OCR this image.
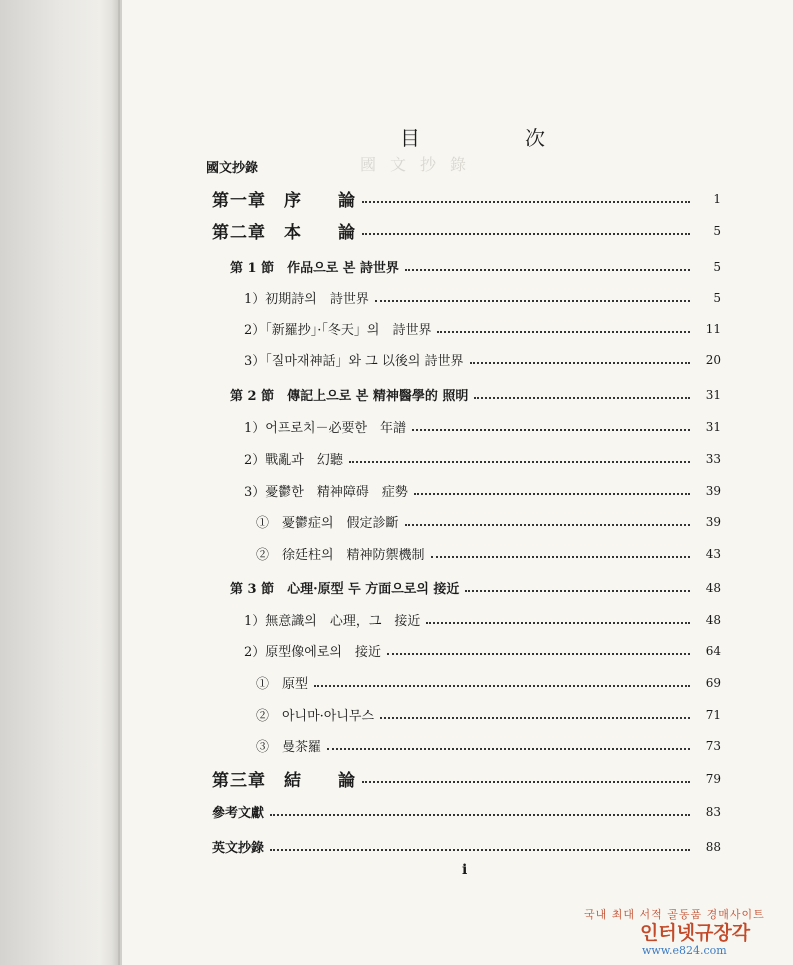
國文抄錄
目	次
國文抄錄
第一章　序　　論	1
第二章　本　　論	5
第 1 節　作品으로 본 詩世界	5
1）初期詩의　詩世界	5
2）「新羅抄」·「冬天」의　詩世界	11
3）「질마재神話」와 그 以後의 詩世界	20
第 2 節　傳記上으로 본 精神醫學的 照明	31
1）어프로치－必要한　年譜	31
2）戰亂과　幻聽	33
3）憂鬱한　精神障碍　症勢	39
①　憂鬱症의　假定診斷	39
②　徐廷柱의　精神防禦機制	43
第 3 節　心理·原型 두 方面으로의 接近	48
1）無意識의　心理，그　接近	48
2）原型像에로의　接近	64
①　原型	69
②　아니마·아니무스	71
③　曼茶羅	73
第三章　結　　論	79
參考文獻	83
英文抄錄	88
i
국내 최대 서적 골동품 경매사이트
인터넷규장각
www.e824.com
